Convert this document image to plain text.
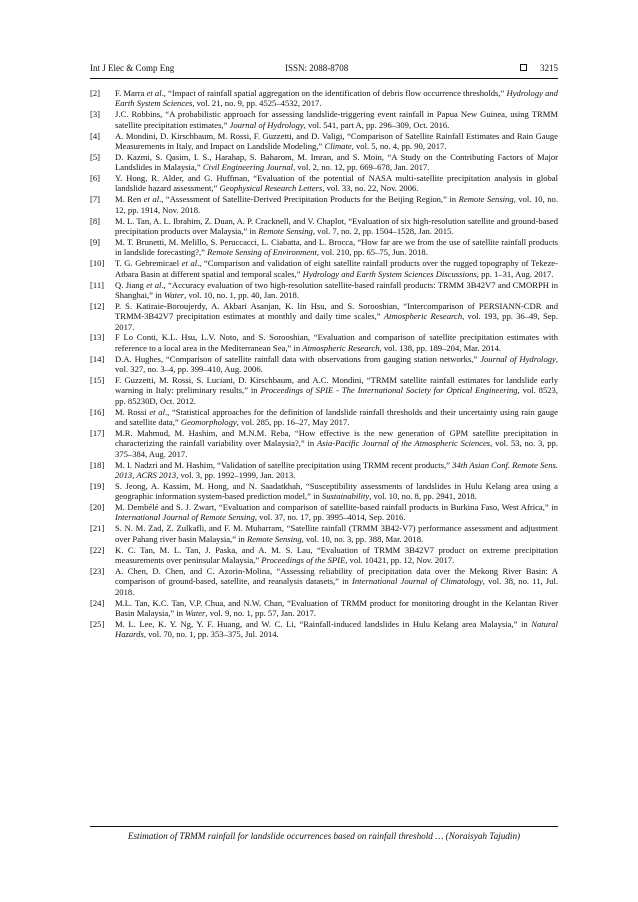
Int J Elec & Comp Eng	ISSN: 2088-8708	3215
[2]	F. Marra et al., “Impact of rainfall spatial aggregation on the identification of debris flow occurrence thresholds,” Hydrology and Earth System Sciences, vol. 21, no. 9, pp. 4525–4532, 2017.
[3]	J.C. Robbins, “A probabilistic approach for assessing landslide-triggering event rainfall in Papua New Guinea, using TRMM satellite precipitation estimates,” Journal of Hydrology, vol. 541, part A, pp. 296–309, Oct. 2016.
[4]	A. Mondini, D. Kirschbaum, M. Rossi, F. Guzzetti, and D. Valigi, “Comparison of Satellite Rainfall Estimates and Rain Gauge Measurements in Italy, and Impact on Landslide Modeling,” Climate, vol. 5, no. 4, pp. 90, 2017.
[5]	D. Kazmi, S. Qasim, I. S., Harahap, S. Baharom, M. Imran, and S. Moin, “A Study on the Contributing Factors of Major Landslides in Malaysia,” Civil Engineering Journal, vol. 2, no. 12, pp. 669–678, Jan. 2017.
[6]	Y. Hong, R. Alder, and G. Huffman, “Evaluation of the potential of NASA multi-satellite precipitation analysis in global landslide hazard assessment,” Geophysical Research Letters, vol. 33, no. 22, Nov. 2006.
[7]	M. Ren et al., “Assessment of Satellite-Derived Precipitation Products for the Beijing Region,” in Remote Sensing, vol. 10, no. 12, pp. 1914, Nov. 2018.
[8]	M. L. Tan, A. L. Ibrahim, Z. Duan, A. P. Cracknell, and V. Chaplot, “Evaluation of six high-resolution satellite and ground-based precipitation products over Malaysia,” in Remote Sensing, vol. 7, no. 2, pp. 1504–1528, Jan. 2015.
[9]	M. T. Brunetti, M. Melillo, S. Peruccacci, L. Ciabatta, and L. Brocca, “How far are we from the use of satellite rainfall products in landslide forecasting?,” Remote Sensing of Environment, vol. 210, pp. 65–75, Jun. 2018.
[10]	T. G. Gebremicael et al., “Comparison and validation of eight satellite rainfall products over the rugged topography of Tekeze-Atbara Basin at different spatial and temporal scales,” Hydrology and Earth System Sciences Discussions, pp. 1–31, Aug. 2017.
[11]	Q. Jiang et al., “Accuracy evaluation of two high-resolution satellite-based rainfall products: TRMM 3B42V7 and CMORPH in Shanghai,” in Water, vol. 10, no. 1, pp. 40, Jan. 2018.
[12]	P. S. Katiraie-Boroujerdy, A. Akbari Asanjan, K. lin Hsu, and S. Sorooshian, “Intercomparison of PERSIANN-CDR and TRMM-3B42V7 precipitation estimates at monthly and daily time scales,” Atmospheric Research, vol. 193, pp. 36–49, Sep. 2017.
[13]	F Lo Conti, K.L. Hsu, L.V. Noto, and S. Sorooshian, “Evaluation and comparison of satellite precipitation estimates with reference to a local area in the Mediterranean Sea,” in Atmospheric Research, vol. 138, pp. 189–204, Mar. 2014.
[14]	D.A. Hughes, “Comparison of satellite rainfall data with observations from gauging station networks,” Journal of Hydrology, vol. 327, no. 3–4, pp. 399–410, Aug. 2006.
[15]	F. Guzzetti, M. Rossi, S. Luciani, D. Kirschbaum, and A.C. Mondini, “TRMM satellite rainfall estimates for landslide early warning in Italy: preliminary results,” in Proceedings of SPIE - The International Society for Optical Engineering, vol. 8523, pp. 85230D, Oct. 2012.
[16]	M. Rossi et al., “Statistical approaches for the definition of landslide rainfall thresholds and their uncertainty using rain gauge and satellite data,” Geomorphology, vol. 285, pp. 16–27, May 2017.
[17]	M.R. Mahmud, M. Hashim, and M.N.M. Reba, “How effective is the new generation of GPM satellite precipitation in characterizing the rainfall variability over Malaysia?,” in Asia-Pacific Journal of the Atmospheric Sciences, vol. 53, no. 3, pp. 375–384, Aug. 2017.
[18]	M. I. Nadzri and M. Hashim, “Validation of satellite precipitation using TRMM recent products,” 34th Asian Conf. Remote Sens. 2013, ACRS 2013, vol. 3, pp. 1992–1999, Jan. 2013.
[19]	S. Jeong, A. Kassim, M. Hong, and N. Saadatkhah, “Susceptibility assessments of landslides in Hulu Kelang area using a geographic information system-based prediction model,” in Sustainability, vol. 10, no. 8, pp. 2941, 2018.
[20]	M. Dembélé and S. J. Zwart, “Evaluation and comparison of satellite-based rainfall products in Burkina Faso, West Africa,” in International Journal of Remote Sensing, vol. 37, no. 17, pp. 3995–4014, Sep. 2016.
[21]	S. N. M. Zad, Z. Zulkafli, and F. M. Muharram, “Satellite rainfall (TRMM 3B42-V7) performance assessment and adjustment over Pahang river basin Malaysia,” in Remote Sensing, vol. 10, no. 3, pp. 388, Mar. 2018.
[22]	K. C. Tan, M. L. Tan, J. Paska, and A. M. S. Lau, “Evaluation of TRMM 3B42V7 product on extreme precipitation measurements over peninsular Malaysia,” Proceedings of the SPIE, vol. 10421, pp. 12, Nov. 2017.
[23]	A. Chen, D. Chen, and C. Azorin-Molina, “Assessing reliability of precipitation data over the Mekong River Basin: A comparison of ground-based, satellite, and reanalysis datasets,” in International Journal of Climatology, vol. 38, no. 11, Jul. 2018.
[24]	M.L. Tan, K.C. Tan, V.P. Chua, and N.W. Chan, “Evaluation of TRMM product for monitoring drought in the Kelantan River Basin Malaysia,” in Water, vol. 9, no. 1, pp. 57, Jan. 2017.
[25]	M. L. Lee, K. Y. Ng, Y. F. Huang, and W. C. Li, “Rainfall-induced landslides in Hulu Kelang area Malaysia,” in Natural Hazards, vol. 70, no. 1, pp. 353–375, Jul. 2014.
Estimation of TRMM rainfall for landslide occurrences based on rainfall threshold … (Noraisyah Tajudin)
